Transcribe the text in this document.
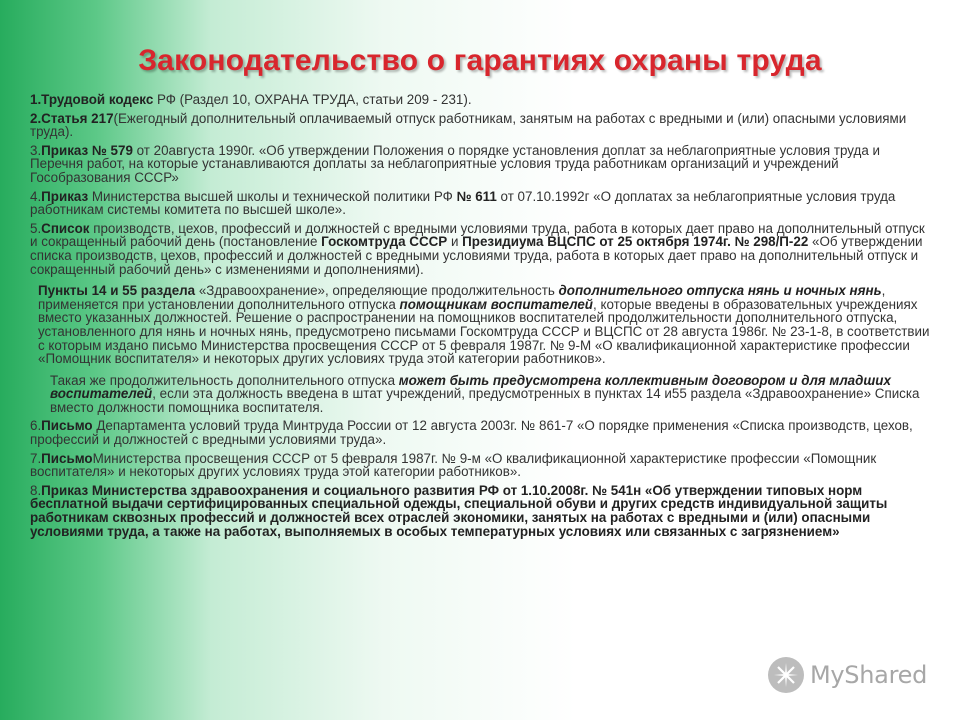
Законодательство о гарантиях охраны труда
1.Трудовой кодекс РФ (Раздел 10, ОХРАНА ТРУДА, статьи 209 - 231).
2.Статья 217(Ежегодный дополнительный оплачиваемый отпуск работникам, занятым на работах с вредными и (или) опасными условиями труда).
3.Приказ № 579 от 20августа 1990г. «Об утверждении Положения о порядке установления доплат за неблагоприятные условия труда и Перечня работ, на которые устанавливаются доплаты за неблагоприятные условия труда работникам организаций и учреждений Гособразования СССР»
4.Приказ Министерства высшей школы и технической политики РФ № 611 от 07.10.1992г «О доплатах за неблагоприятные условия труда работникам системы комитета по высшей школе».
5.Список производств, цехов, профессий и должностей с вредными условиями труда, работа в которых дает право на дополнительный отпуск и сокращенный рабочий день (постановление Госкомтруда СССР и Президиума ВЦСПС от 25 октября 1974г. № 298/П-22 «Об утверждении списка производств, цехов, профессий и должностей с вредными условиями труда, работа в которых дает право на дополнительный отпуск и сокращенный рабочий день» с изменениями и дополнениями).
Пункты 14 и 55 раздела «Здравоохранение», определяющие продолжительность дополнительного отпуска нянь и ночных нянь, применяется при установлении дополнительного отпуска помощникам воспитателей, которые введены в образовательных учреждениях вместо указанных должностей. Решение о распространении на помощников воспитателей продолжительности дополнительного отпуска, установленного для нянь и ночных нянь, предусмотрено письмами Госкомтруда СССР и ВЦСПС от 28 августа 1986г. № 23-1-8, в соответствии с которым издано письмо Министерства просвещения СССР от 5 февраля 1987г. № 9-М «О квалификационной характеристике профессии «Помощник воспитателя» и некоторых других условиях труда этой категории работников».
Такая же продолжительность дополнительного отпуска может быть предусмотрена коллективным договором и для младших воспитателей, если эта должность введена в штат учреждений, предусмотренных в пунктах 14 и55 раздела «Здравоохранение» Списка вместо должности помощника воспитателя.
6.Письмо Департамента условий труда Минтруда России от 12 августа 2003г. № 861-7 «О порядке применения «Списка производств, цехов, профессий и должностей с вредными условиями труда».
7.ПисьмоМинистерства просвещения СССР от 5 февраля 1987г. № 9-м «О квалификационной характеристике профессии «Помощник воспитателя» и некоторых других условиях труда этой категории работников».
8.Приказ Министерства здравоохранения и социального развития РФ от 1.10.2008г. № 541н «Об утверждении типовых норм бесплатной выдачи сертифицированных специальной одежды, специальной обуви и других средств индивидуальной защиты работникам сквозных профессий и должностей всех отраслей экономики, занятых на работах с вредными и (или) опасными условиями труда, а также на работах, выполняемых в особых температурных условиях или связанных с загрязнением»
MyShared
